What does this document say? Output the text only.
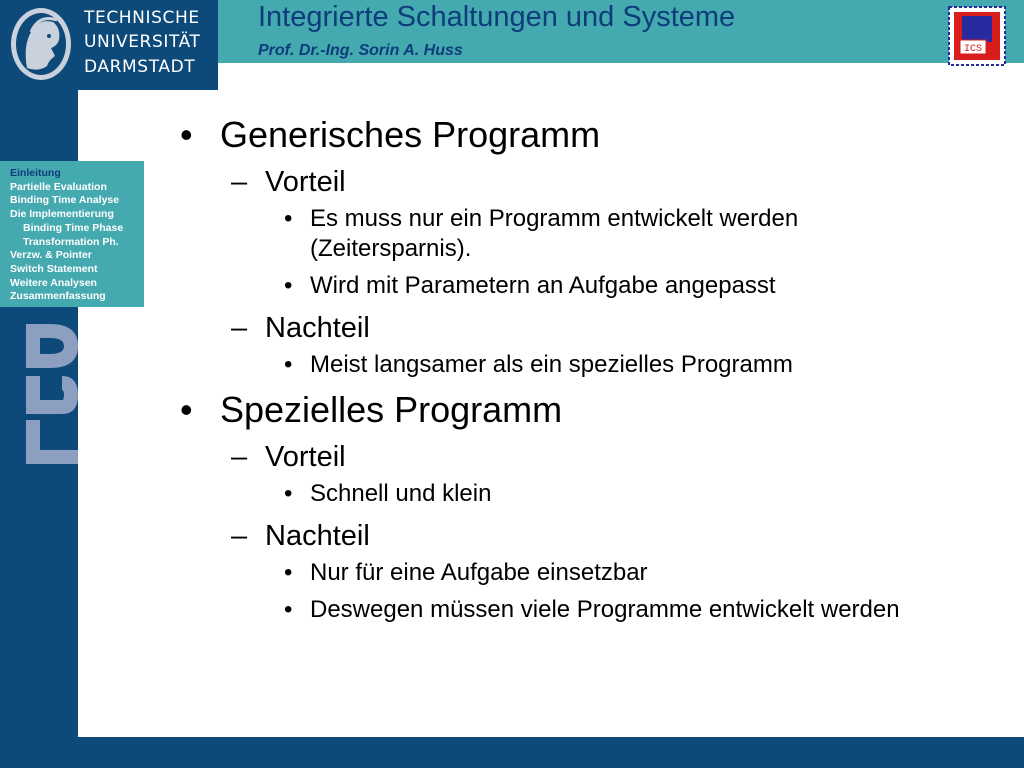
TECHNISCHE
UNIVERSITÄT
DARMSTADT
Integrierte Schaltungen und Systeme
Prof. Dr.-Ing. Sorin A. Huss	ICS
Einleitung
Partielle Evaluation
Binding Time Analyse
Die Implementierung
Binding Time Phase
Transformation Ph.
Verzw. & Pointer
Switch Statement
Weitere Analysen
Zusammenfassung
• Generisches Programm
– Vorteil
• Es muss nur ein Programm entwickelt werden (Zeitersparnis).
• Wird mit Parametern an Aufgabe angepasst
– Nachteil
• Meist langsamer als ein spezielles Programm
• Spezielles Programm
– Vorteil
• Schnell und klein
– Nachteil
• Nur für eine Aufgabe einsetzbar
• Deswegen müssen viele Programme entwickelt werden
